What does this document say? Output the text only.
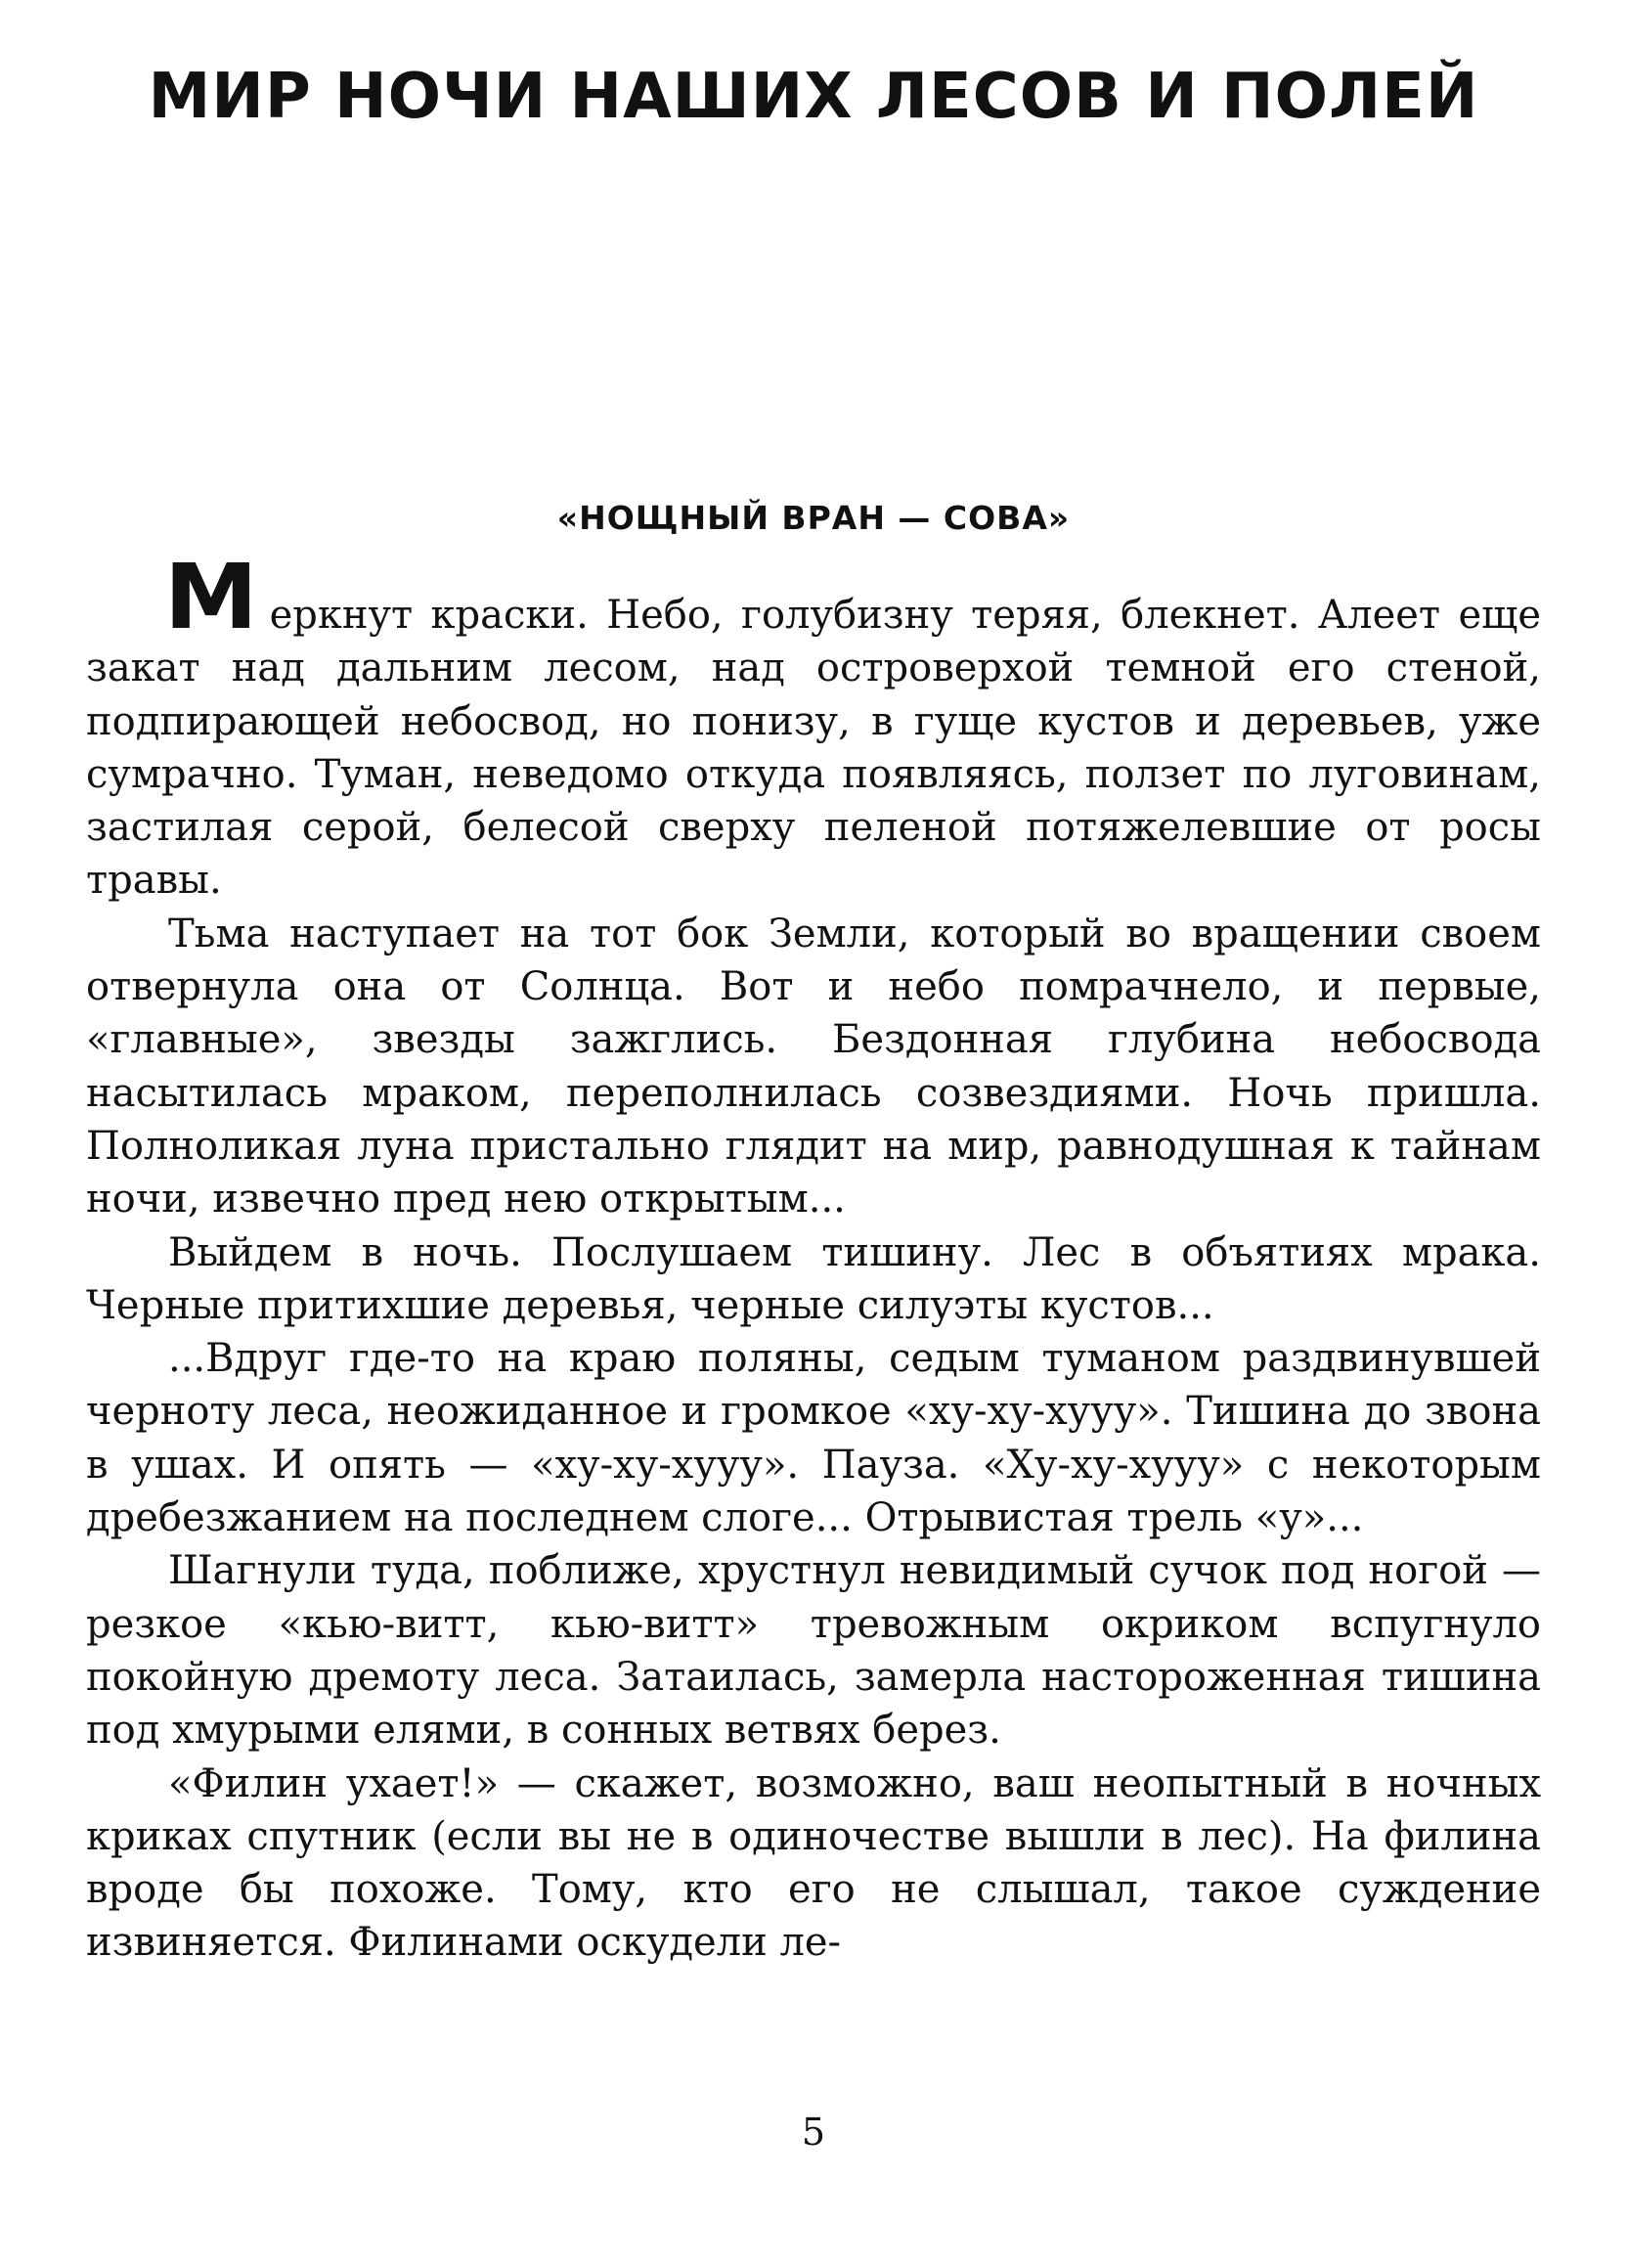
МИР НОЧИ НАШИХ ЛЕСОВ И ПОЛЕЙ
«НОЩНЫЙ ВРАН — СОВА»

Меркнут краски. Небо, голубизну теряя, блекнет. Алеет еще закат над дальним лесом, над островерхой темной его стеной, подпирающей небосвод, но понизу, в гуще кустов и деревьев, уже сумрачно. Туман, неведомо откуда появляясь, ползет по луговинам, застилая серой, белесой сверху пеленой потяжелевшие от росы травы.

Тьма наступает на тот бок Земли, который во вращении своем отвернула она от Солнца. Вот и небо помрачнело, и первые, «главные», звезды зажглись. Бездонная глубина небосвода насытилась мраком, переполнилась созвездиями. Ночь пришла. Полноликая луна пристально глядит на мир, равнодушная к тайнам ночи, извечно пред нею открытым...

Выйдем в ночь. Послушаем тишину. Лес в объятиях мрака. Черные притихшие деревья, черные силуэты кустов...

...Вдруг где-то на краю поляны, седым туманом раздвинувшей черноту леса, неожиданное и громкое «ху-ху-хууу». Тишина до звона в ушах. И опять — «ху-ху-хууу». Пауза. «Ху-ху-хууу» с некоторым дребезжанием на последнем слоге... Отрывистая трель «у»...

Шагнули туда, поближе, хрустнул невидимый сучок под ногой — резкое «кью-витт, кью-витт» тревожным окриком вспугнуло покойную дремоту леса. Затаилась, замерла настороженная тишина под хмурыми елями, в сонных ветвях берез.

«Филин ухает!» — скажет, возможно, ваш неопытный в ночных криках спутник (если вы не в одиночестве вышли в лес). На филина вроде бы похоже. Тому, кто его не слышал, такое суждение извиняется. Филинами оскудели ле-

5
